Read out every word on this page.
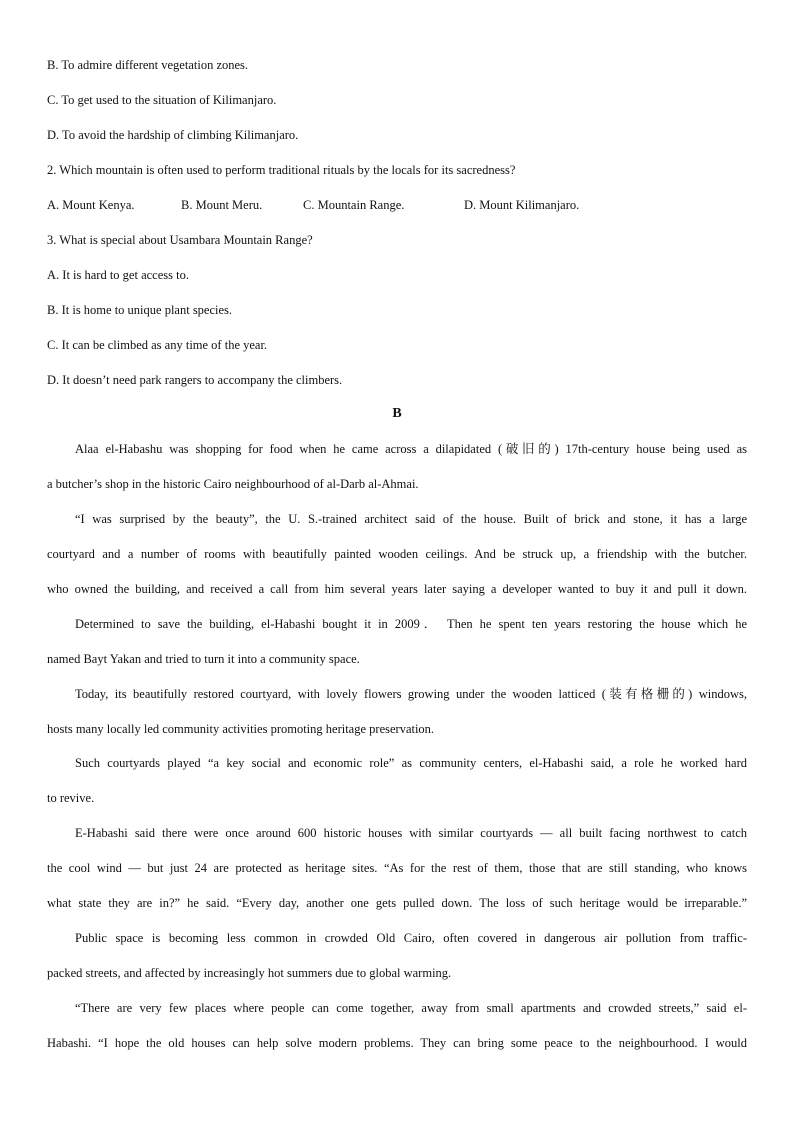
B. To admire different vegetation zones.
C. To get used to the situation of Kilimanjaro.
D. To avoid the hardship of climbing Kilimanjaro.
2. Which mountain is often used to perform traditional rituals by the locals for its sacredness?
A. Mount Kenya.	B. Mount Meru.	C. Mountain Range.	D. Mount Kilimanjaro.
3. What is special about Usambara Mountain Range?
A. It is hard to get access to.
B. It is home to unique plant species.
C. It can be climbed as any time of the year.
D. It doesn’t need park rangers to accompany the climbers.
B
Alaa el-Habashu was shopping for food when he came across a dilapidated (破旧的) 17th-century house being used as
a butcher’s shop in the historic Cairo neighbourhood of al-Darb al-Ahmai.
“I was surprised by the beauty”, the U. S.-trained architect said of the house. Built of brick and stone, it has a large
courtyard and a number of rooms with beautifully painted wooden ceilings. And be struck up, a friendship with the butcher.
who owned the building, and received a call from him several years later saying a developer wanted to buy it and pull it down.
Determined to save the building, el-Habashi bought it in 2009． Then he spent ten years restoring the house which he
named Bayt Yakan and tried to turn it into a community space.
Today, its beautifully restored courtyard, with lovely flowers growing under the wooden latticed (装有格栅的) windows,
hosts many locally led community activities promoting heritage preservation.
Such courtyards played “a key social and economic role” as community centers, el-Habashi said, a role he worked hard
to revive.
E-Habashi said there were once around 600 historic houses with similar courtyards — all built facing northwest to catch
the cool wind — but just 24 are protected as heritage sites. “As for the rest of them, those that are still standing, who knows
what state they are in?” he said. “Every day, another one gets pulled down. The loss of such heritage would be irreparable.”
Public space is becoming less common in crowded Old Cairo, often covered in dangerous air pollution from traffic-
packed streets, and affected by increasingly hot summers due to global warming.
“There are very few places where people can come together, away from small apartments and crowded streets,” said el-
Habashi. “I hope the old houses can help solve modern problems. They can bring some peace to the neighbourhood. I would
